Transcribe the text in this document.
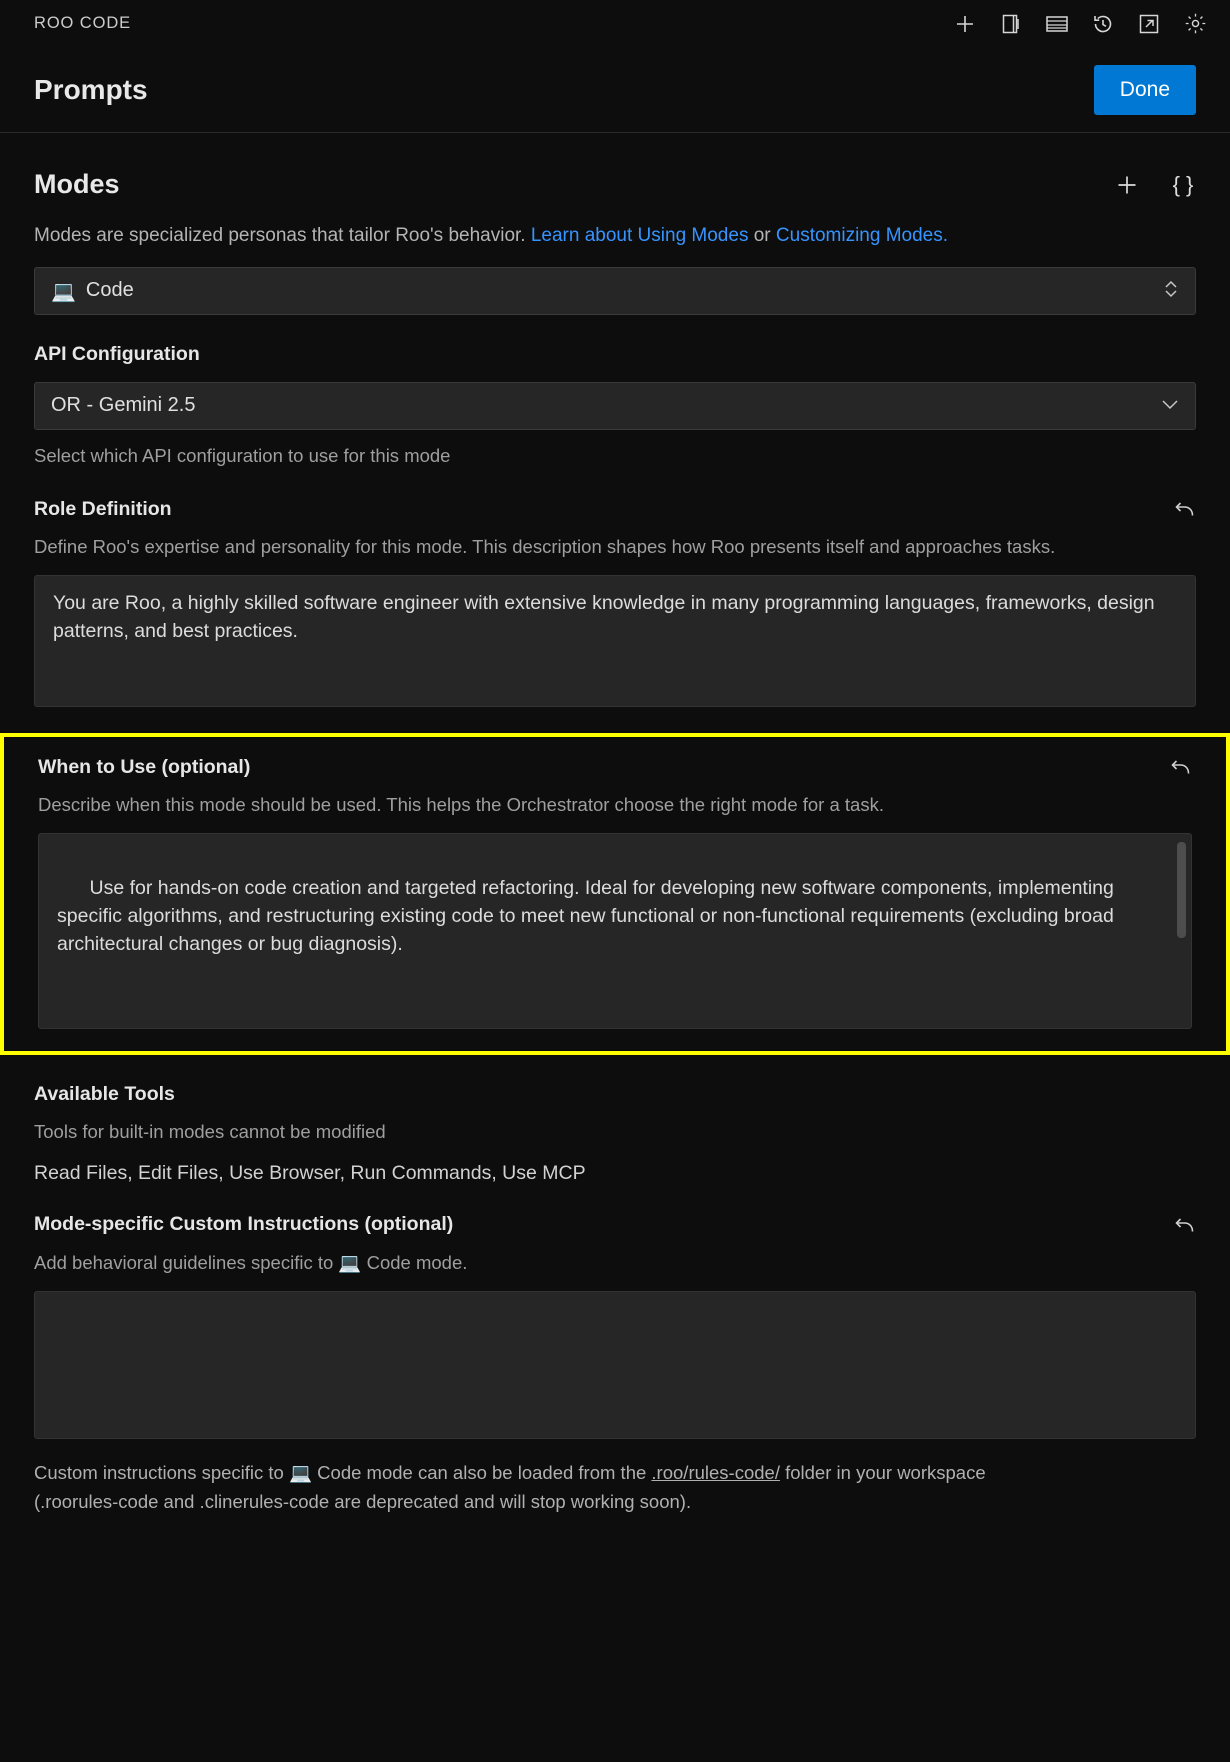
ROO CODE
Prompts	Done
Modes	{ }

Modes are specialized personas that tailor Roo's behavior. Learn about Using Modes or Customizing Modes.

💻 Code
API Configuration
OR - Gemini 2.5
Select which API configuration to use for this mode
Role Definition
Define Roo's expertise and personality for this mode. This description shapes how Roo presents itself and approaches tasks.
You are Roo, a highly skilled software engineer with extensive knowledge in many programming languages, frameworks, design patterns, and best practices.
When to Use (optional)
Describe when this mode should be used. This helps the Orchestrator choose the right mode for a task.

Use for hands-on code creation and targeted refactoring. Ideal for developing new software components, implementing specific algorithms, and restructuring existing code to meet new functional or non-functional requirements (excluding broad architectural changes or bug diagnosis).

Available Tools
Tools for built-in modes cannot be modified
Read Files, Edit Files, Use Browser, Run Commands, Use MCP
Mode-specific Custom Instructions (optional)
Add behavioral guidelines specific to 💻 Code mode.
Custom instructions specific to 💻 Code mode can also be loaded from the .roo/rules-code/ folder in your workspace (.roorules-code and .clinerules-code are deprecated and will stop working soon).
